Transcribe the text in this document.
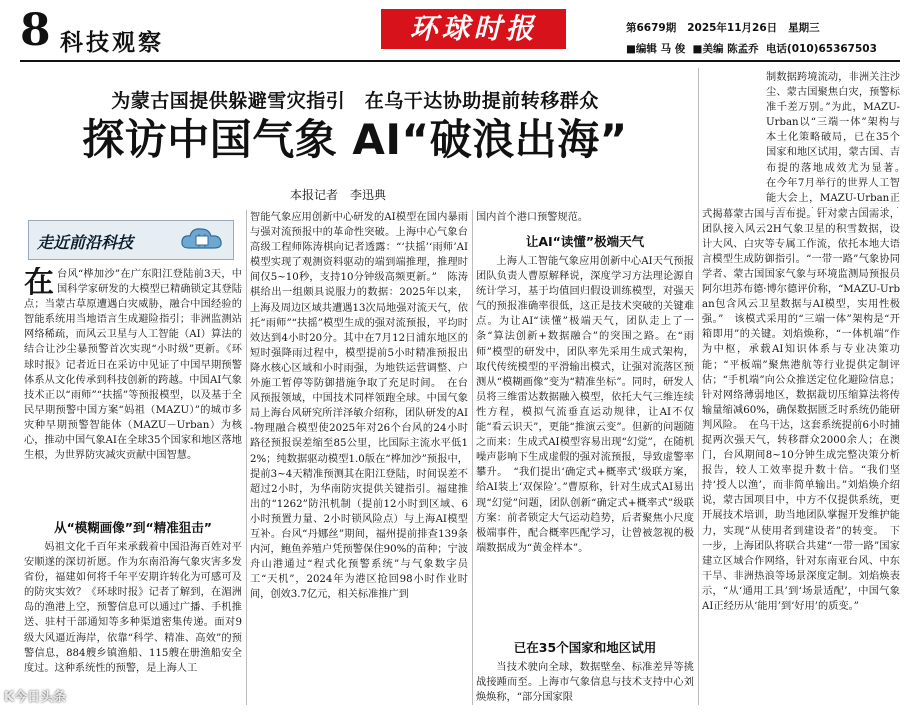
8 科技观察	环球时报	第6679期 2025年11月26日 星期三
■编辑 马 俊 ■美编 陈孟乔 电话(010)65367503
为蒙古国提供躲避雪灾指引　在乌干达协助提前转移群众
探访中国气象 AI“破浪出海”
本报记者　李迅典
走近前沿科技
在台风“桦加沙”在广东阳江登陆前3天，中国科学家研发的大模型已精确锁定其登陆点；当蒙古草原遭遇白灾威胁，融合中国经验的智能系统用当地语言生成避险指引；非洲监测站网络稀疏，而风云卫星与人工智能（AI）算法的结合让沙尘暴预警首次实现“小时级”更新。《环球时报》记者近日在采访中见证了中国早期预警体系从文化传承到科技创新的跨越。中国AI气象技术正以“雨师”“扶摇”等预报模型，以及基于全民早期预警中国方案“妈祖（MAZU）”的城市多灾种早期预警智能体（MAZU－Urban）为核心，推动中国气象AI在全球35个国家和地区落地生根，为世界防灾减灾贡献中国智慧。
从“模糊画像”到“精准狙击”
妈祖文化千百年来承载着中国沿海百姓对平安顺遂的深切祈愿。作为东南沿海气象灾害多发省份，福建如何将千年平安期许转化为可感可及的防灾实效？《环球时报》记者了解到，在湄洲岛的渔港上空，预警信息可以通过广播、手机推送、驻村干部通知等多种渠道密集传递。面对9级大风逼近海岸，依靠“科学、精准、高效”的预警信息，884艘乡镇渔船、115艘在册渔船安全度过。这种系统性的预警，是上海人工
智能气象应用创新中心研发的AI模型在国内暴雨与强对流预报中的革命性突破。上海中心气象台高级工程师陈涛棋向记者透露：“‘扶摇’‘雨师’AI模型实现了观测资料驱动的端到端推理，推理时间仅5~10秒，支持10分钟级高频更新。”　陈涛棋给出一组颇具说服力的数据：2025年以来，上海及周边区域共遭遇13次局地强对流天气，依托“雨师”“扶摇”模型生成的强对流预报，平均时效达到4小时20分。其中在7月12日浦东地区的短时强降雨过程中，模型提前5小时精准预报出降水核心区域和小时雨强，为地铁运营调整、户外施工暂停等防御措施争取了充足时间。　在台风预报领域，中国技术同样领跑全球。中国气象局上海台风研究所洋泽敏介绍称，团队研发的AI-物理融合模型使2025年对26个台风的24小时路径预报误差缩至85公里，比国际主流水平低12%；纯数据驱动模型1.0版在“桦加沙”预报中，提前3~4天精准预测其在阳江登陆，时间误差不超过2小时，为华南防灾提供关键指引。福建推出的“1262”防汛机制（提前12小时到区域、6小时预置力量、2小时锁风险点）与上海AI模型互补。台风“丹娜丝”期间，福州提前排查139条内河，鲍鱼养殖户凭预警保住90%的苗种；宁波舟山港通过“程式化预警系统”与气象数字员工“天机”，2024年为港区抢回98小时作业时间，创效3.7亿元，相关标准推广到
国内首个港口预警规范。
让AI“读懂”极端天气
上海人工智能气象应用创新中心AI天气预报团队负责人曹原解释说，深度学习方法理论源自统计学习，基于均值回归假设训练模型，对强天气的预报准确率很低，这正是技术突破的关键难点。为让AI“读懂”极端天气，团队走上了一条“算法创新+数据融合”的突围之路。在“雨师”模型的研发中，团队率先采用生成式架构，取代传统模型的平滑输出模式，让强对流落区预测从“模糊画像”变为“精准坐标”。同时，研发人员将三维雷达数据融入模型，依托大气三维连续性方程，模拟气流垂直运动规律，让AI不仅能“看云识天”，更能“推演云变”。但新的问题随之而来：生成式AI模型容易出现“幻觉”，在随机噪声影响下生成虚假的强对流预报，导致虚警率攀升。　“我们提出‘确定式+概率式’级联方案，给AI装上‘双保险’。”曹原称，针对生成式AI易出现“幻觉”问题，团队创新“确定式+概率式”级联方案：前者锁定大气运动趋势，后者聚焦小尺度极端事件，配合概率匹配学习，让曾被忽视的极端数据成为“黄金样本”。
已在35个国家和地区试用
当技术驶向全球，数据壁垒、标准差异等挑战接踵而至。上海市气象信息与技术支持中心刘焕焕称，“部分国家限
制数据跨境流动，非洲关注沙尘、蒙古国聚焦白灾，预警标准千差万别。”为此，MAZU-Urban以“三端一体”架构与本土化策略破局，已在35个国家和地区试用，蒙古国、吉布提的落地成效尤为显著。　在今年7月举行的世界人工智能大会上，MAZU-Urban正　　　
　式揭幕蒙古国与吉布提。针对蒙古国需求，团队接入风云2H气象卫星的积雪数据，设计大风、白灾等专属工作流，依托本地大语言模型生成防御指引。“一带一路”气象协同学者、蒙古国国家气象与环境监测局预报员阿尔坦苏布德·博尔德评价称，“MAZU-Urban包含风云卫星数据与AI模型，实用性极强。”　该模式采用的“三端一体”架构是“开箱即用”的关键。刘焰焕称，“一体机端”作为中枢，承载AI知识体系与专业决策功能；“平板端”聚焦港航等行业提供定制评估；“手机端”向公众推送定位化避险信息；针对网络薄弱地区，数据裁切压缩算法将传输量缩减60%，确保数据匮乏时系统仍能研判风险。　在乌干达，这套系统提前6小时捕捉两次强天气，转移群众2000余人；在澳门，台风期间8~10分钟生成完整决策分析报告，较人工效率提升数十倍。“我们坚持‘授人以渔’，而非简单输出。”刘焰焕介绍说，蒙古国项目中，中方不仅提供系统，更开展技术培训，助当地团队掌握开发维护能力，实现“从使用者到建设者”的转变。　下一步，上海团队将联合共建“一带一路”国家建立区域合作网络，针对东南亚台风、中东干旱、非洲热浪等场景深度定制。刘焰焕表示，“从‘通用工具’到‘场景适配’，中国气象AI正经历从‘能用’到‘好用’的质变。”
K今日头条
